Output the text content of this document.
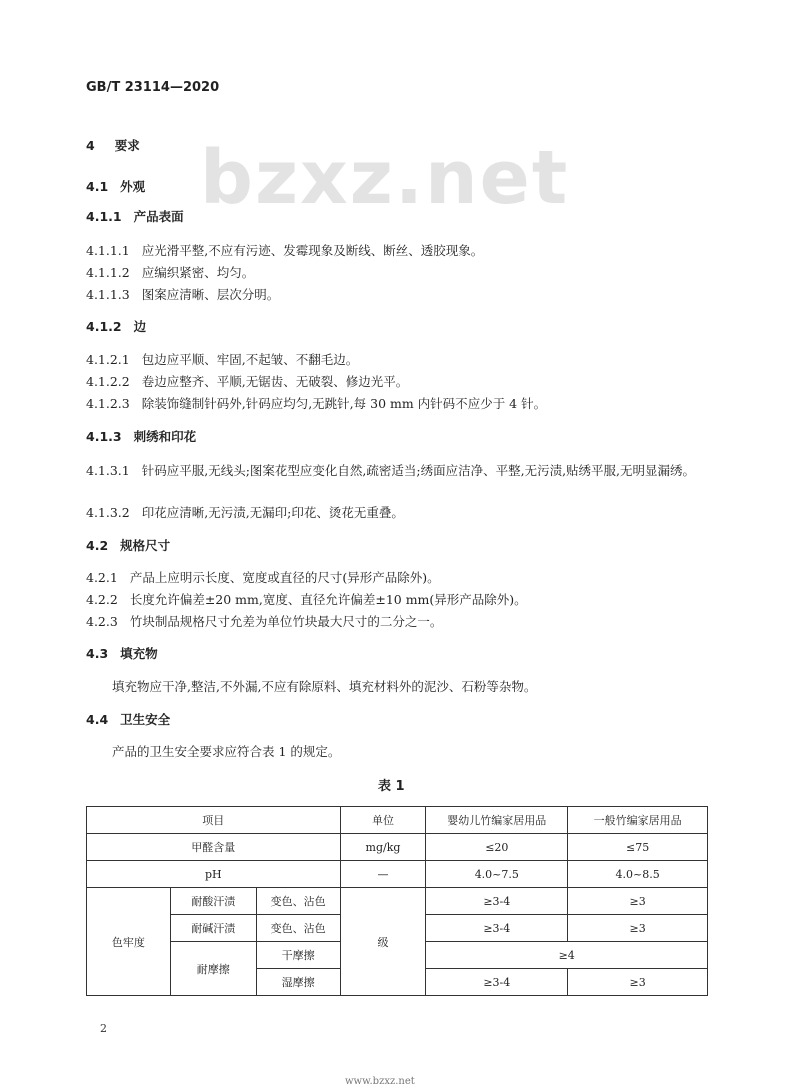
bzxz.net
GB/T 23114—2020
4 要求
4.1 外观
4.1.1 产品表面
4.1.1.1 应光滑平整,不应有污迹、发霉现象及断线、断丝、透胶现象。
4.1.1.2 应编织紧密、均匀。
4.1.1.3 图案应清晰、层次分明。
4.1.2 边
4.1.2.1 包边应平顺、牢固,不起皱、不翻毛边。
4.1.2.2 卷边应整齐、平顺,无锯齿、无破裂、修边光平。
4.1.2.3 除装饰缝制针码外,针码应均匀,无跳针,每 30 mm 内针码不应少于 4 针。
4.1.3 刺绣和印花
4.1.3.1 针码应平服,无线头;图案花型应变化自然,疏密适当;绣面应洁净、平整,无污渍,贴绣平服,无明显漏绣。
4.1.3.2 印花应清晰,无污渍,无漏印;印花、烫花无重叠。
4.2 规格尺寸
4.2.1 产品上应明示长度、宽度或直径的尺寸(异形产品除外)。
4.2.2 长度允许偏差±20 mm,宽度、直径允许偏差±10 mm(异形产品除外)。
4.2.3 竹块制品规格尺寸允差为单位竹块最大尺寸的二分之一。
4.3 填充物
填充物应干净,整洁,不外漏,不应有除原料、填充材料外的泥沙、石粉等杂物。
4.4 卫生安全
产品的卫生安全要求应符合表 1 的规定。
表 1
项目			单位	婴幼儿竹编家居用品	一般竹编家居用品
甲醛含量			mg/kg	≤20	≤75
pH			—	4.0~7.5	4.0~8.5
色牢度	耐酸汗渍	变色、沾色	级	≥3-4	≥3
	耐碱汗渍	变色、沾色		≥3-4	≥3
	耐摩擦	干摩擦		≥4	
		湿摩擦		≥3-4	≥3
2
www.bzxz.net
